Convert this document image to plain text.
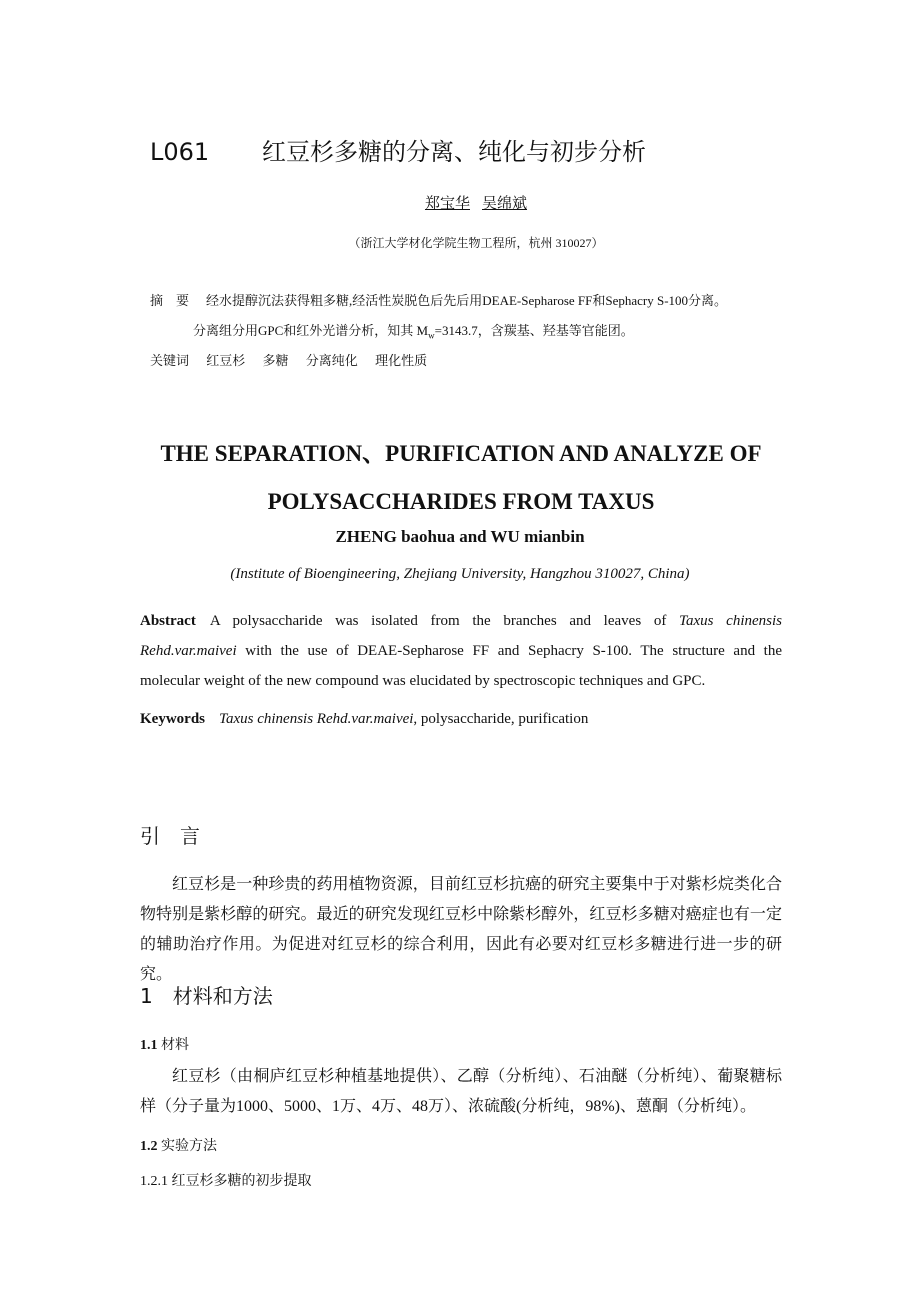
L061 红豆杉多糖的分离、纯化与初步分析
郑宝华 吴绵斌
（浙江大学材化学院生物工程所，杭州 310027）
摘　要 经水提醇沉法获得粗多糖,经活性炭脱色后先后用DEAE-Sepharose FF和Sephacry S-100分离。
分离组分用GPC和红外光谱分析，知其 $M_w=3143.7$，含羰基、羟基等官能团。
关键词 红豆杉 多糖 分离纯化 理化性质
THE SEPARATION、PURIFICATION AND ANALYZE OF POLYSACCHARIDES FROM TAXUS
ZHENG baohua and WU mianbin
(Institute of Bioengineering, Zhejiang University, Hangzhou 310027, China)
Abstract A polysaccharide was isolated from the branches and leaves of Taxus chinensis Rehd.var.maivei with the use of DEAE-Sepharose FF and Sephacry S-100. The structure and the molecular weight of the new compound was elucidated by spectroscopic techniques and GPC.
Keywords Taxus chinensis Rehd.var.maivei, polysaccharide, purification
引　言
红豆杉是一种珍贵的药用植物资源，目前红豆杉抗癌的研究主要集中于对紫杉烷类化合物特别是紫杉醇的研究。最近的研究发现红豆杉中除紫杉醇外，红豆杉多糖对癌症也有一定的辅助治疗作用。为促进对红豆杉的综合利用，因此有必要对红豆杉多糖进行进一步的研究。
1　材料和方法
1.1 材料
红豆杉（由桐庐红豆杉种植基地提供）、乙醇（分析纯）、石油醚（分析纯）、葡聚糖标样（分子量为1000、5000、1万、4万、48万）、浓硫酸(分析纯，98%)、蒽酮（分析纯）。
1.2 实验方法
1.2.1 红豆杉多糖的初步提取
